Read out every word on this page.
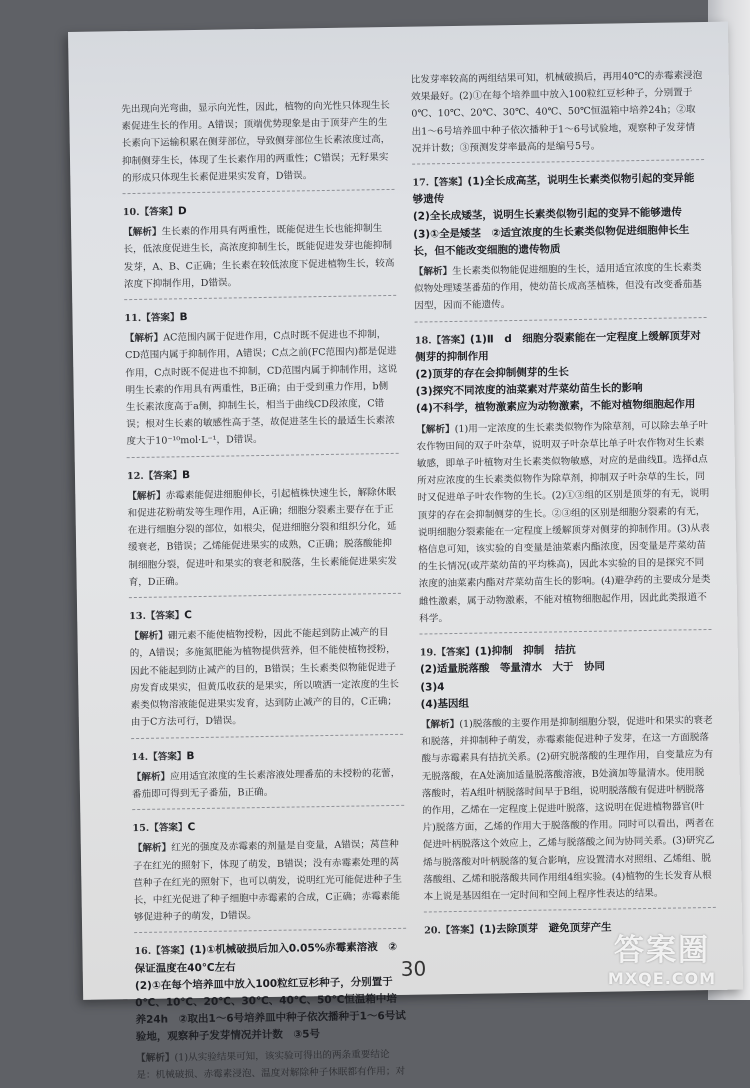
先出现向光弯曲，显示向光性，因此，植物的向光性只体现生长素促进生长的作用。A错误；顶端优势现象是由于顶芽产生的生长素向下运输积累在侧芽部位，导致侧芽部位生长素浓度过高，抑制侧芽生长，体现了生长素作用的两重性；C错误；无籽果实的形成只体现生长素促进果实发育，D错误。

10.【答案】D

【解析】生长素的作用具有两重性，既能促进生长也能抑制生长，低浓度促进生长，高浓度抑制生长，既能促进发芽也能抑制发芽，A、B、C正确；生长素在较低浓度下促进植物生长，较高浓度下抑制作用，D错误。

11.【答案】B

【解析】AC范围内属于促进作用，C点时既不促进也不抑制，CD范围内属于抑制作用，A错误；C点之前(FC范围内)都是促进作用，C点时既不促进也不抑制，CD范围内属于抑制作用，这说明生长素的作用具有两重性，B正确；由于受到重力作用，b侧生长素浓度高于a侧，抑制生长，相当于曲线CD段浓度，C错误；根对生长素的敏感性高于茎，故促进茎生长的最适生长素浓度大于10⁻¹⁰mol·L⁻¹，D错误。

12.【答案】B

【解析】赤霉素能促进细胞伸长，引起植株快速生长，解除休眠和促进花粉萌发等生理作用，A正确；细胞分裂素主要存在于正在进行细胞分裂的部位，如根尖，促进细胞分裂和组织分化，延缓衰老，B错误；乙烯能促进果实的成熟，C正确；脱落酸能抑制细胞分裂，促进叶和果实的衰老和脱落，生长素能促进果实发育，D正确。

13.【答案】C

【解析】硼元素不能使植物授粉，因此不能起到防止减产的目的，A错误；多施氮肥能为植物提供营养，但不能使植物授粉，因此不能起到防止减产的目的，B错误；生长素类似物能促进子房发育成果实，但黄瓜收获的是果实，所以喷洒一定浓度的生长素类似物溶液能促进果实发育，达到防止减产的目的，C正确；由于C方法可行，D错误。

14.【答案】B

【解析】应用适宜浓度的生长素溶液处理番茄的未授粉的花蕾，番茄即可得到无子番茄，B正确。

15.【答案】C

【解析】红光的强度及赤霉素的剂量是自变量，A错误；莴苣种子在红光的照射下，体现了萌发，B错误；没有赤霉素处理的莴苣种子在红光的照射下，也可以萌发，说明红光可能促进种子生长，中红光促进了种子细胞中赤霉素的合成，C正确；赤霉素能够促进种子的萌发，D错误。

16.【答案】(1)①机械破损后加入0.05%赤霉素溶液　②保证温度在40℃左右
(2)①在每个培养皿中放入100粒红豆杉种子，分别置于0℃、10℃、20℃、30℃、40℃、50℃恒温箱中培养24h　②取出1～6号培养皿中种子依次播种于1～6号试验地，观察种子发芽情况并计数　③5号

【解析】(1)从实验结果可知，该实验可得出的两条重要结论是：机械破损、赤霉素浸泡、温度对解除种子休眠都有作用；对

比发芽率较高的两组结果可知，机械破损后，再用40℃的赤霉素浸泡效果最好。(2)①在每个培养皿中放入100粒红豆杉种子，分别置于0℃、10℃、20℃、30℃、40℃、50℃恒温箱中培养24h；②取出1～6号培养皿中种子依次播种于1～6号试验地，观察种子发芽情况并计数；③预测发芽率最高的是编号5号。

17.【答案】(1)全长成高茎，说明生长素类似物引起的变异能够遗传
(2)全长成矮茎，说明生长素类似物引起的变异不能够遗传
(3)①全是矮茎　②适宜浓度的生长素类似物促进细胞伸长生长，但不能改变细胞的遗传物质

【解析】生长素类似物能促进细胞的生长，适用适宜浓度的生长素类似物处理矮茎番茄的作用，使幼苗长成高茎植株，但没有改变番茄基因型，因而不能遗传。

18.【答案】(1)Ⅱ　d　细胞分裂素能在一定程度上缓解顶芽对侧芽的抑制作用
(2)顶芽的存在会抑制侧芽的生长
(3)探究不同浓度的油菜素对芹菜幼苗生长的影响
(4)不科学，植物激素应为动物激素，不能对植物细胞起作用

【解析】(1)用一定浓度的生长素类似物作为除草剂，可以除去单子叶农作物田间的双子叶杂草，说明双子叶杂草比单子叶农作物对生长素敏感，即单子叶植物对生长素类似物敏感，对应的是曲线Ⅱ。选择d点所对应浓度的生长素类似物作为除草剂，抑制双子叶杂草的生长，同时又促进单子叶农作物的生长。(2)①③组的区别是顶芽的有无，说明顶芽的存在会抑制侧芽的生长。②③组的区别是细胞分裂素的有无，说明细胞分裂素能在一定程度上缓解顶芽对侧芽的抑制作用。(3)从表格信息可知，该实验的自变量是油菜素内酯浓度，因变量是芹菜幼苗的生长情况(或芹菜幼苗的平均株高)，因此本实验的目的是探究不同浓度的油菜素内酯对芹菜幼苗生长的影响。(4)避孕药的主要成分是类雌性激素，属于动物激素，不能对植物细胞起作用，因此此类报道不科学。

19.【答案】(1)抑制　抑制　拮抗
(2)适量脱落酸　等量清水　大于　协同
(3)4
(4)基因组

【解析】(1)脱落酸的主要作用是抑制细胞分裂，促进叶和果实的衰老和脱落，并抑制种子萌发，赤霉素能促进种子发芽，在这一方面脱落酸与赤霉素具有拮抗关系。(2)研究脱落酸的生理作用，自变量应为有无脱落酸，在A处滴加适量脱落酸溶液，B处滴加等量清水。使用脱落酸时，若A组叶柄脱落时间早于B组，说明脱落酸有促进叶柄脱落的作用，乙烯在一定程度上促进叶脱落，这说明在促进植物器官(叶片)脱落方面，乙烯的作用大于脱落酸的作用。同时可以看出，两者在促进叶柄脱落这个效应上，乙烯与脱落酸之间为协同关系。(3)研究乙烯与脱落酸对叶柄脱落的复合影响，应设置清水对照组、乙烯组、脱落酸组、乙烯和脱落酸共同作用组4组实验。(4)植物的生长发育从根本上说是基因组在一定时间和空间上程序性表达的结果。

20.【答案】(1)去除顶芽　避免顶芽产生

30
答案圈
MXQE.COM
